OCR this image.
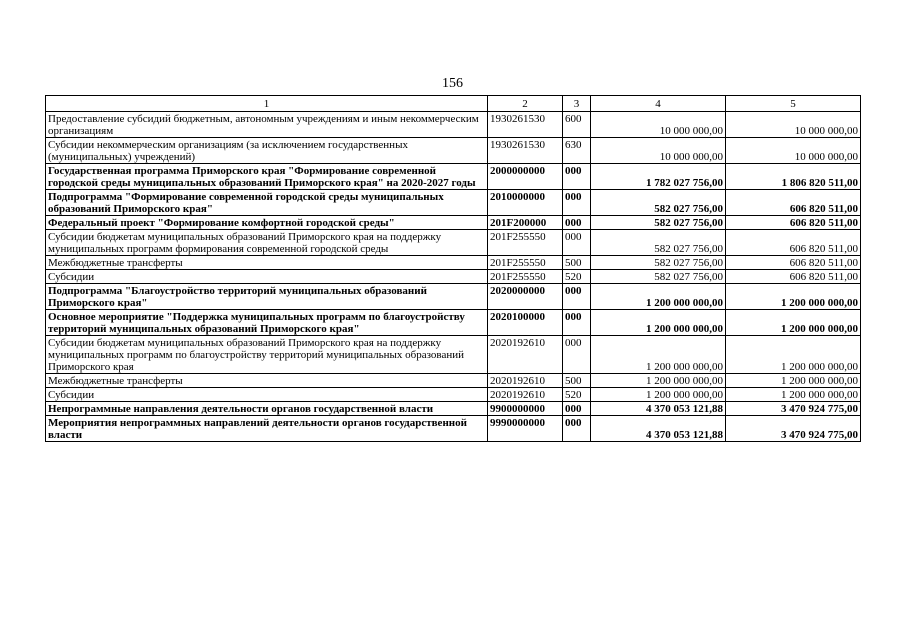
156
1	2	3	4	5
Предоставление субсидий бюджетным, автономным учреждениям и иным некоммерческим организациям	1930261530	600	10 000 000,00	10 000 000,00
Субсидии некоммерческим организациям (за исключением государственных (муниципальных) учреждений)	1930261530	630	10 000 000,00	10 000 000,00
Государственная программа Приморского края "Формирование современной городской среды муниципальных образований Приморского края" на 2020-2027 годы	2000000000	000	1 782 027 756,00	1 806 820 511,00
Подпрограмма "Формирование современной городской среды муниципальных образований Приморского края"	2010000000	000	582 027 756,00	606 820 511,00
Федеральный проект "Формирование комфортной городской среды"	201F200000	000	582 027 756,00	606 820 511,00
Субсидии бюджетам муниципальных образований Приморского края на поддержку муниципальных программ формирования современной городской среды	201F255550	000	582 027 756,00	606 820 511,00
Межбюджетные трансферты	201F255550	500	582 027 756,00	606 820 511,00
Субсидии	201F255550	520	582 027 756,00	606 820 511,00
Подпрограмма "Благоустройство территорий муниципальных образований Приморского края"	2020000000	000	1 200 000 000,00	1 200 000 000,00
Основное мероприятие "Поддержка муниципальных программ по благоустройству территорий муниципальных образований Приморского края"	2020100000	000	1 200 000 000,00	1 200 000 000,00
Субсидии бюджетам муниципальных образований Приморского края на поддержку муниципальных программ по благоустройству территорий муниципальных образований Приморского края	2020192610	000	1 200 000 000,00	1 200 000 000,00
Межбюджетные трансферты	2020192610	500	1 200 000 000,00	1 200 000 000,00
Субсидии	2020192610	520	1 200 000 000,00	1 200 000 000,00
Непрограммные направления деятельности органов государственной власти	9900000000	000	4 370 053 121,88	3 470 924 775,00
Мероприятия непрограммных направлений деятельности органов государственной власти	9990000000	000	4 370 053 121,88	3 470 924 775,00
